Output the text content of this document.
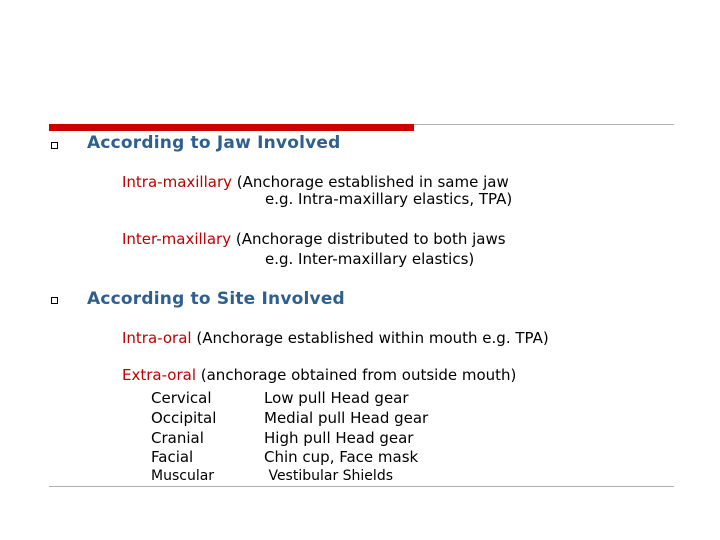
According to Jaw Involved
Intra-maxillary (Anchorage established in same jaw
e.g. Intra-maxillary elastics, TPA)
Inter-maxillary (Anchorage distributed to both jaws
e.g. Inter-maxillary elastics)
According to Site Involved
Intra-oral (Anchorage established within mouth e.g. TPA)
Extra-oral (anchorage obtained from outside mouth)
Cervical	Low pull Head gear
Occipital	Medial pull Head gear
Cranial	High pull Head gear
Facial	Chin cup, Face mask
Muscular	Vestibular Shields
